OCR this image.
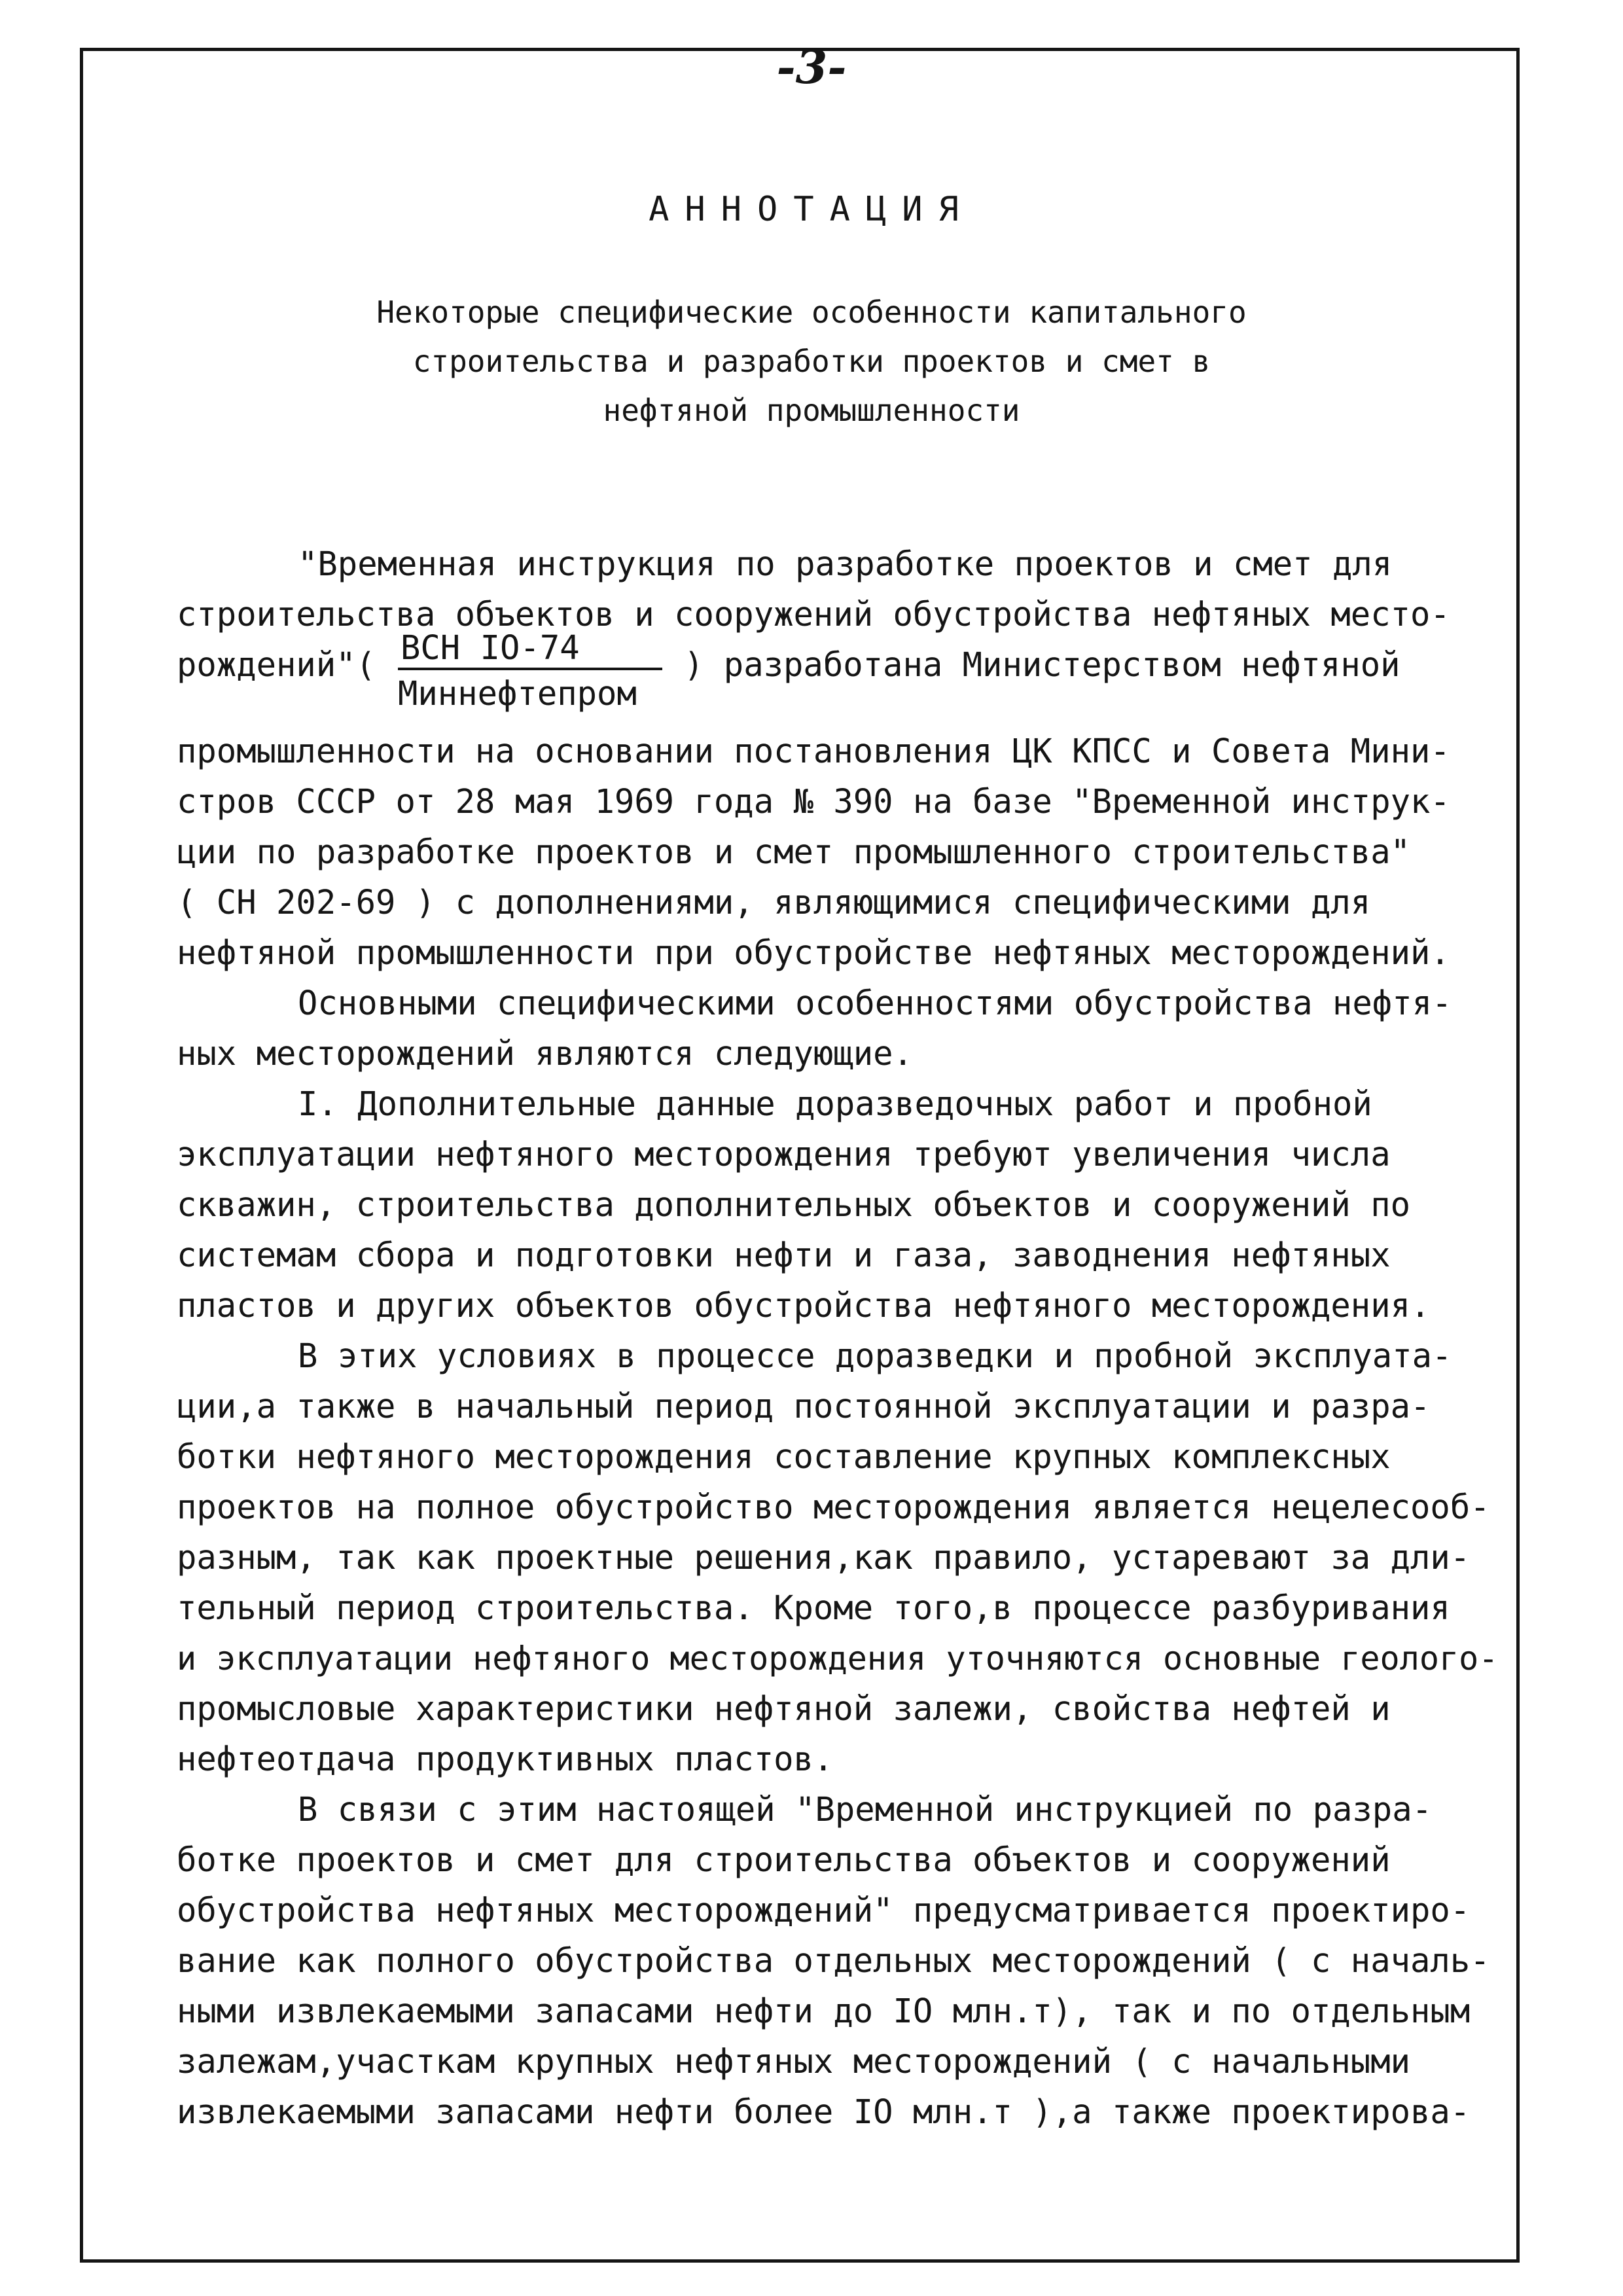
-3-
АННОТАЦИЯ
Некоторые специфические особенности капитального
строительства и разработки проектов и смет в
нефтяной промышленности
"Временная инструкция по разработке проектов и смет для
строительства объектов и сооружений обустройства нефтяных место-
рождений"( ВСН IO-74
Миннефтепром
) разработана Министерством нефтяной
промышленности на основании постановления ЦК КПСС и Совета Мини-
стров СССР от 28 мая 1969 года № 390 на базе "Временной инструк-
ции по разработке проектов и смет промышленного строительства"
( СН 202-69 ) с дополнениями, являющимися специфическими для
нефтяной промышленности при обустройстве нефтяных месторождений.
Основными специфическими особенностями обустройства нефтя-
ных месторождений являются следующие.
I. Дополнительные данные доразведочных работ и пробной
эксплуатации нефтяного месторождения требуют увеличения числа
скважин, строительства дополнительных объектов и сооружений по
системам сбора и подготовки нефти и газа, заводнения нефтяных
пластов и других объектов обустройства нефтяного месторождения.
В этих условиях в процессе доразведки и пробной эксплуата-
ции,а также в начальный период постоянной эксплуатации и разра-
ботки нефтяного месторождения составление крупных комплексных
проектов на полное обустройство месторождения является нецелесооб-
разным, так как проектные решения,как правило, устаревают за дли-
тельный период строительства. Кроме того,в процессе разбуривания
и эксплуатации нефтяного месторождения уточняются основные геолого-
промысловые характеристики нефтяной залежи, свойства нефтей и
нефтеотдача продуктивных пластов.
В связи с этим настоящей "Временной инструкцией по разра-
ботке проектов и смет для строительства объектов и сооружений
обустройства нефтяных месторождений" предусматривается проектиро-
вание как полного обустройства отдельных месторождений ( с началь-
ными извлекаемыми запасами нефти до IO млн.т), так и по отдельным
залежам,участкам крупных нефтяных месторождений ( с начальными
извлекаемыми запасами нефти более IO млн.т ),а также проектирова-
